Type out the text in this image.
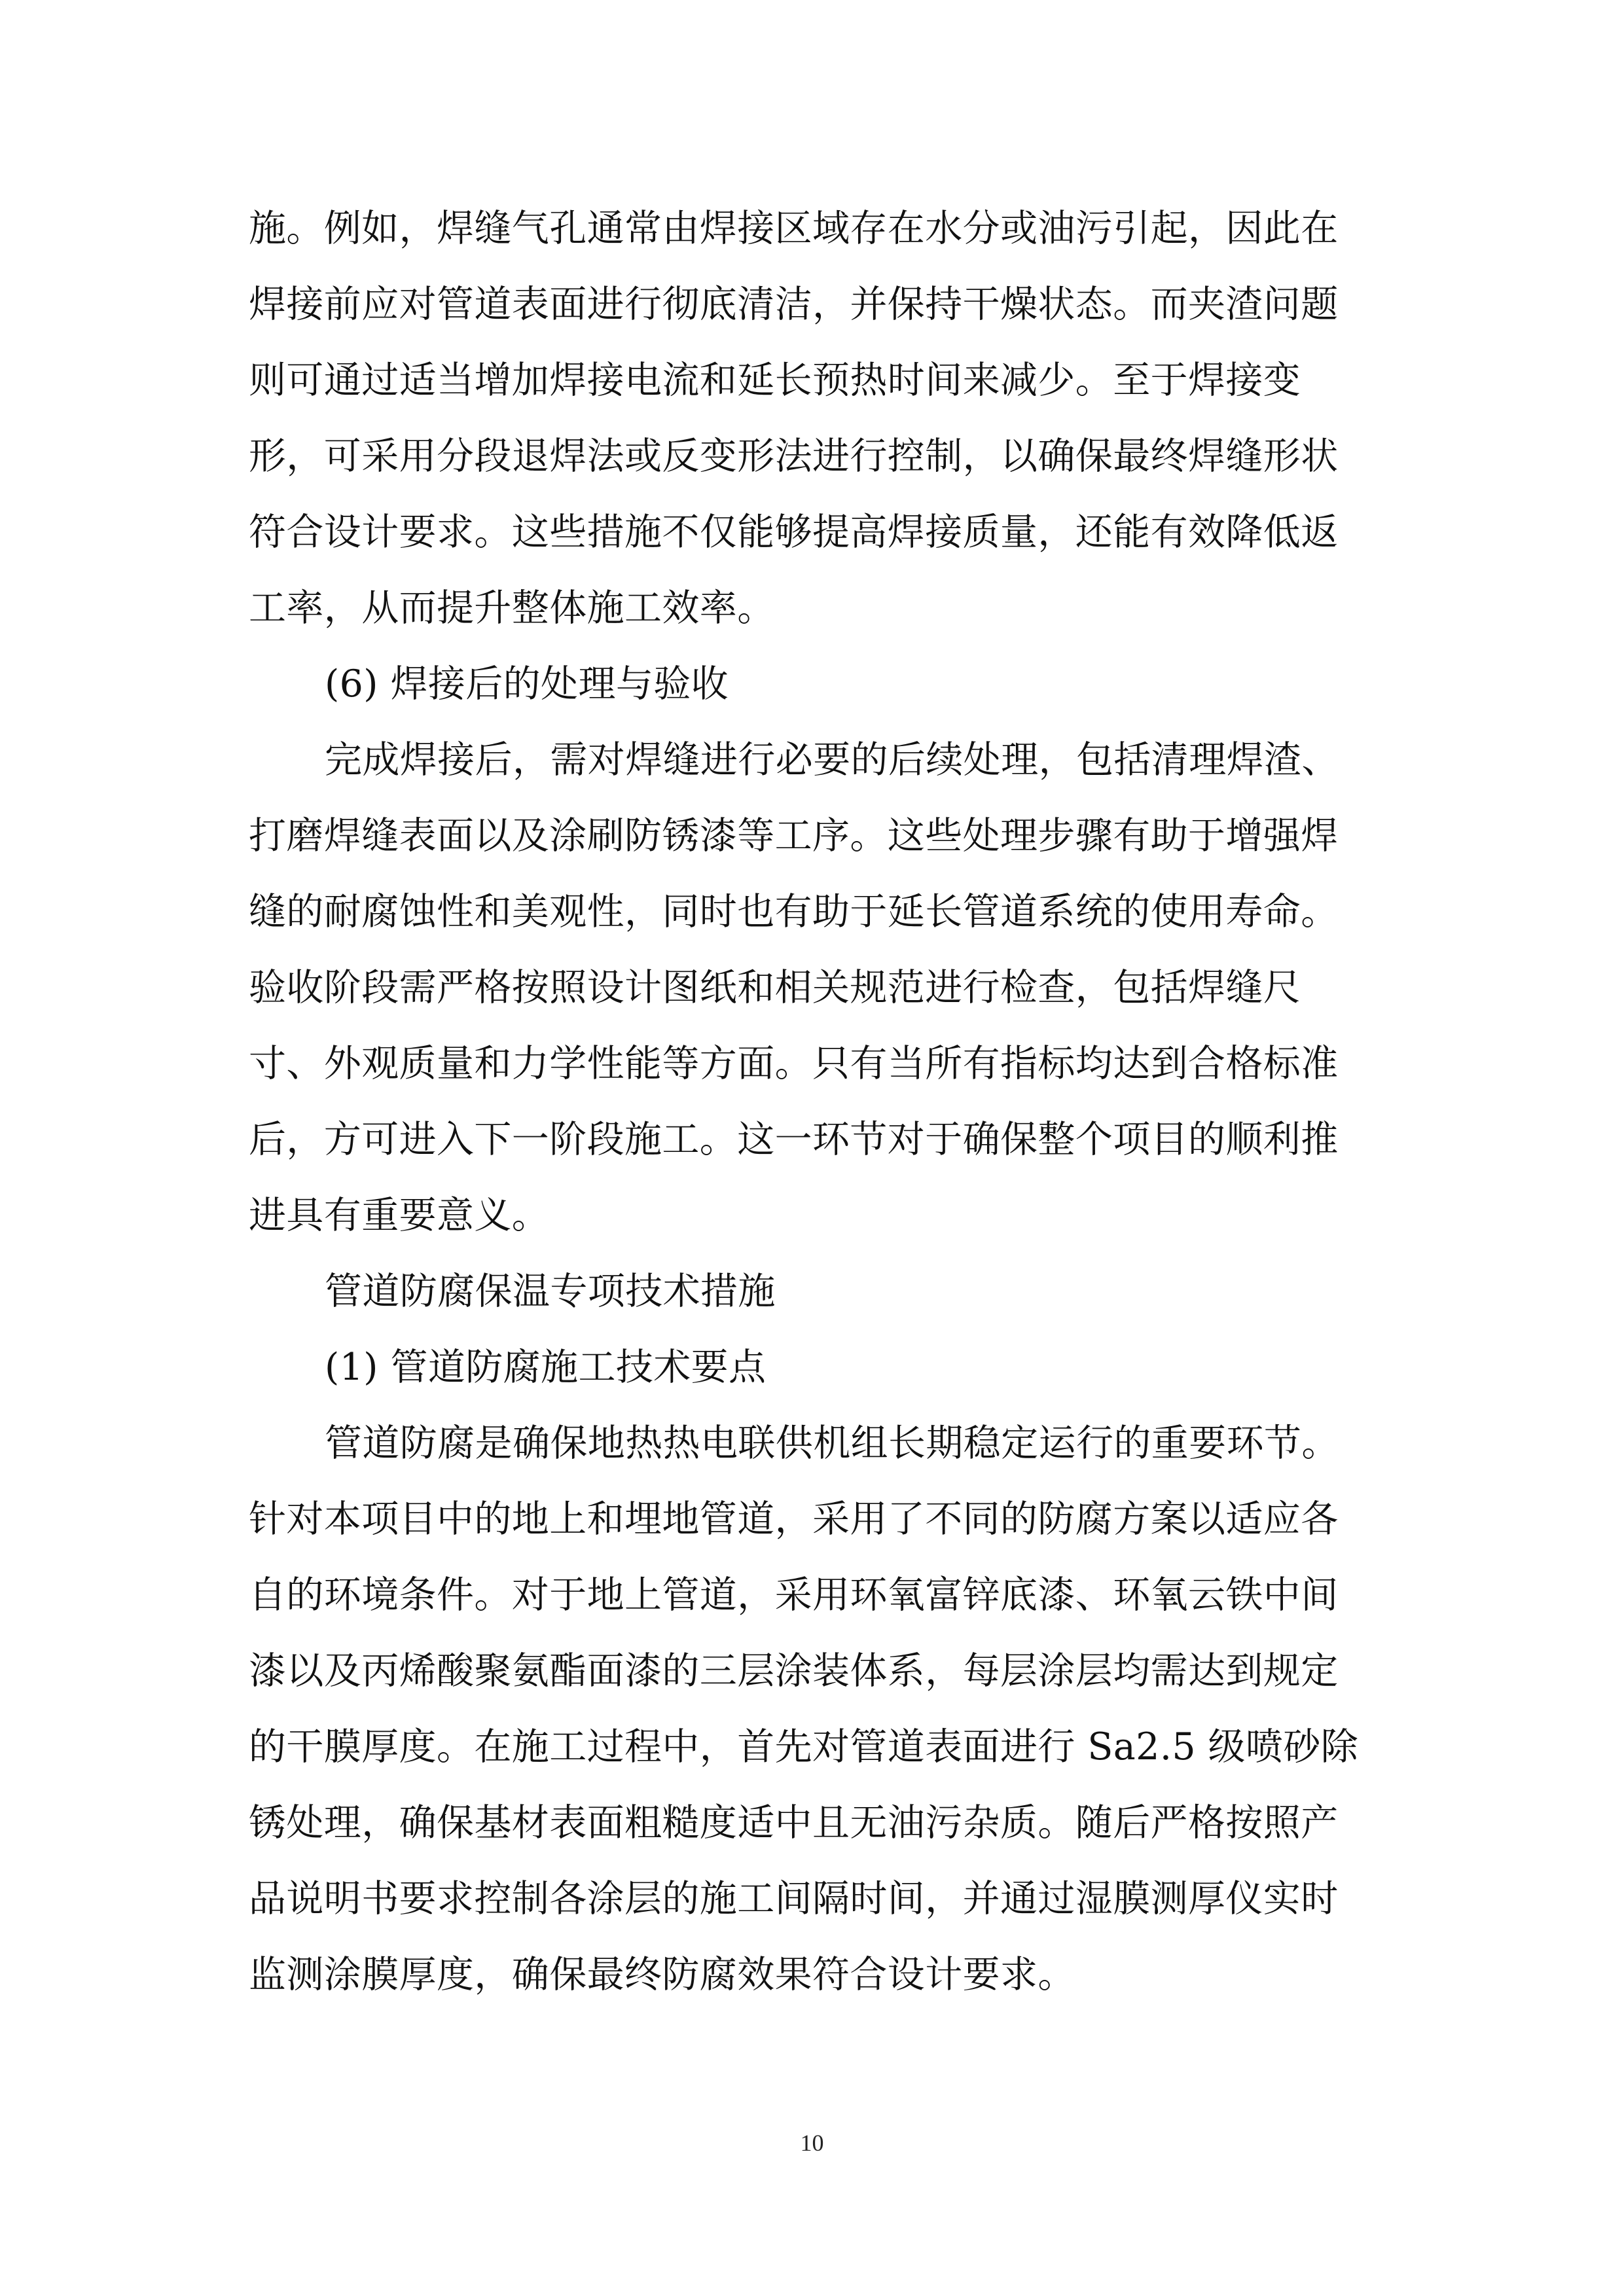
施。例如，焊缝气孔通常由焊接区域存在水分或油污引起，因此在
焊接前应对管道表面进行彻底清洁，并保持干燥状态。而夹渣问题
则可通过适当增加焊接电流和延长预热时间来减少。至于焊接变
形，可采用分段退焊法或反变形法进行控制，以确保最终焊缝形状
符合设计要求。这些措施不仅能够提高焊接质量，还能有效降低返
工率，从而提升整体施工效率。
(6) 焊接后的处理与验收
完成焊接后，需对焊缝进行必要的后续处理，包括清理焊渣、
打磨焊缝表面以及涂刷防锈漆等工序。这些处理步骤有助于增强焊
缝的耐腐蚀性和美观性，同时也有助于延长管道系统的使用寿命。
验收阶段需严格按照设计图纸和相关规范进行检查，包括焊缝尺
寸、外观质量和力学性能等方面。只有当所有指标均达到合格标准
后，方可进入下一阶段施工。这一环节对于确保整个项目的顺利推
进具有重要意义。
管道防腐保温专项技术措施
(1) 管道防腐施工技术要点
管道防腐是确保地热热电联供机组长期稳定运行的重要环节。
针对本项目中的地上和埋地管道，采用了不同的防腐方案以适应各
自的环境条件。对于地上管道，采用环氧富锌底漆、环氧云铁中间
漆以及丙烯酸聚氨酯面漆的三层涂装体系，每层涂层均需达到规定
的干膜厚度。在施工过程中，首先对管道表面进行 Sa2.5 级喷砂除
锈处理，确保基材表面粗糙度适中且无油污杂质。随后严格按照产
品说明书要求控制各涂层的施工间隔时间，并通过湿膜测厚仪实时
监测涂膜厚度，确保最终防腐效果符合设计要求。
10
